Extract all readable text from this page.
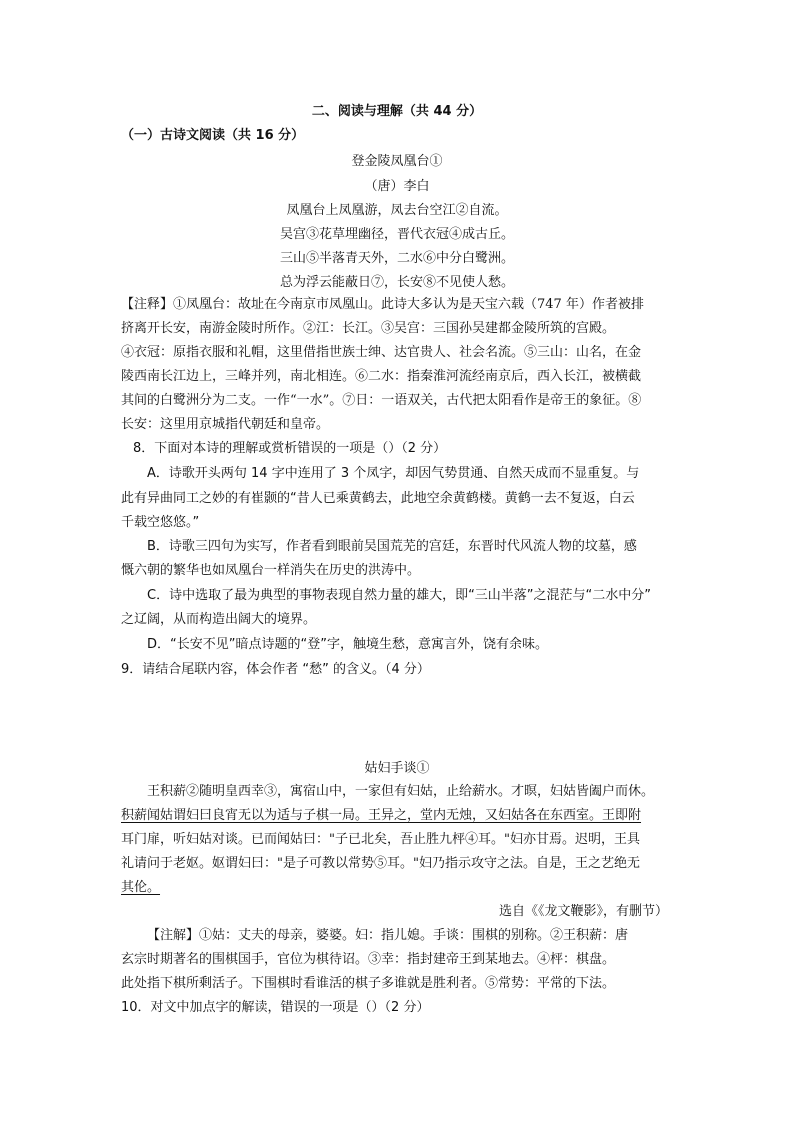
二、阅读与理解（共 44 分）
（一）古诗文阅读（共 16 分）
登金陵凤凰台①
（唐）李白
凤凰台上凤凰游，凤去台空江②自流。
吴宫③花草埋幽径，晋代衣冠④成古丘。
三山⑤半落青天外，二水⑥中分白鹭洲。
总为浮云能蔽日⑦，长安⑧不见使人愁。
【注释】①凤凰台：故址在今南京市凤凰山。此诗大多认为是天宝六载（747 年）作者被排
挤离开长安，南游金陵时所作。②江：长江。③吴宫：三国孙吴建都金陵所筑的宫殿。
④衣冠：原指衣服和礼帽，这里借指世族士绅、达官贵人、社会名流。⑤三山：山名，在金
陵西南长江边上，三峰并列，南北相连。⑥二水：指秦淮河流经南京后，西入长江，被横截
其间的白鹭洲分为二支。一作“一水”。⑦日：一语双关，古代把太阳看作是帝王的象征。⑧
长安：这里用京城指代朝廷和皇帝。
8．下面对本诗的理解或赏析错误的一项是（）（2 分）
A．诗歌开头两句 14 字中连用了 3 个凤字，却因气势贯通、自然天成而不显重复。与
此有异曲同工之妙的有崔颢的“昔人已乘黄鹤去，此地空余黄鹤楼。黄鹤一去不复返，白云
千载空悠悠。”
B．诗歌三四句为实写，作者看到眼前吴国荒芜的宫廷，东晋时代风流人物的坟墓，感
慨六朝的繁华也如凤凰台一样消失在历史的洪涛中。
C．诗中选取了最为典型的事物表现自然力量的雄大，即“三山半落”之混茫与“二水中分”
之辽阔，从而构造出阔大的境界。
D．“长安不见”暗点诗题的“登”字，触境生愁，意寓言外，饶有余味。
9．请结合尾联内容，体会作者 “愁” 的含义。（4 分）
姑妇手谈①
王积薪②随明皇西幸③，寓宿山中，一家但有妇姑，止给薪水。才暝，妇姑皆阖户而休。
积薪闻姑谓妇曰良宵无以为适与子棋一局。王异之，堂内无烛，又妇姑各在东西室。王即附
耳门扉，听妇姑对谈。已而闻姑曰："子已北矣，吾止胜九枰④耳。"妇亦甘焉。迟明，王具
礼请问于老妪。妪谓妇曰："是子可教以常势⑤耳。"妇乃指示攻守之法。自是，王之艺绝无
其伦。
选自《《龙文鞭影》，有删节）
【注解】①姑：丈夫的母亲，婆婆。妇：指儿媳。手谈：围棋的别称。②王积薪：唐
玄宗时期著名的围棋国手，官位为棋待诏。③幸：指封建帝王到某地去。④枰：棋盘。
此处指下棋所剩活子。下围棋时看谁活的棋子多谁就是胜利者。⑤常势：平常的下法。
10．对文中加点字的解读，错误的一项是（）（2 分）
